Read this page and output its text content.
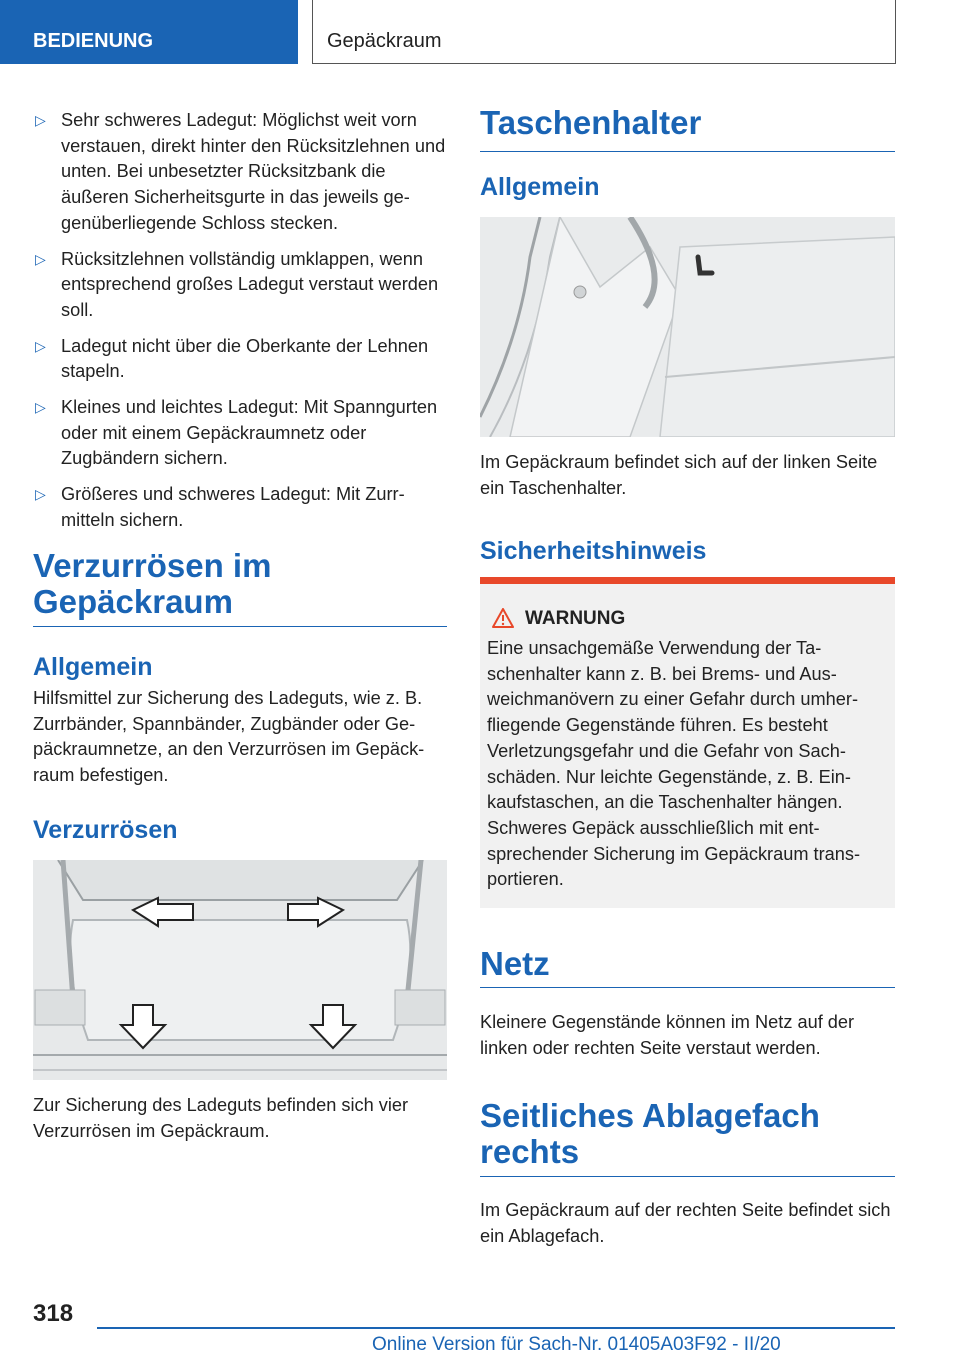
BEDIENUNG	Gepäckraum
▷ Sehr schweres Ladegut: Möglichst weit vorn verstauen, direkt hinter den Rücksitzlehnen und unten. Bei unbesetzter Rücksitzbank die äußeren Sicherheitsgurte in das jeweils gegenüberliegende Schloss stecken.
▷ Rücksitzlehnen vollständig umklappen, wenn entsprechend großes Ladegut verstaut werden soll.
▷ Ladegut nicht über die Oberkante der Lehnen stapeln.
▷ Kleines und leichtes Ladegut: Mit Spanngurten oder mit einem Gepäckraumnetz oder Zugbändern sichern.
▷ Größeres und schweres Ladegut: Mit Zurrmitteln sichern.
Verzurrösen im Gepäckraum
Allgemein
Hilfsmittel zur Sicherung des Ladeguts, wie z. B. Zurrbänder, Spannbänder, Zugbänder oder Gepäckraumnetze, an den Verzurrösen im Gepäckraum befestigen.
Verzurrösen
Zur Sicherung des Ladeguts befinden sich vier Verzurrösen im Gepäckraum.
Taschenhalter
Allgemein
Im Gepäckraum befindet sich auf der linken Seite ein Taschenhalter.
Sicherheitshinweis
WARNUNG
Eine unsachgemäße Verwendung der Taschenhalter kann z. B. bei Brems- und Ausweichmanövern zu einer Gefahr durch umherfliegende Gegenstände führen. Es besteht Verletzungsgefahr und die Gefahr von Sachschäden. Nur leichte Gegenstände, z. B. Einkaufstaschen, an die Taschenhalter hängen. Schweres Gepäck ausschließlich mit entsprechender Sicherung im Gepäckraum transportieren.
Netz
Kleinere Gegenstände können im Netz auf der linken oder rechten Seite verstaut werden.
Seitliches Ablagefach rechts
Im Gepäckraum auf der rechten Seite befindet sich ein Ablagefach.
318
Online Version für Sach-Nr. 01405A03F92 - II/20
